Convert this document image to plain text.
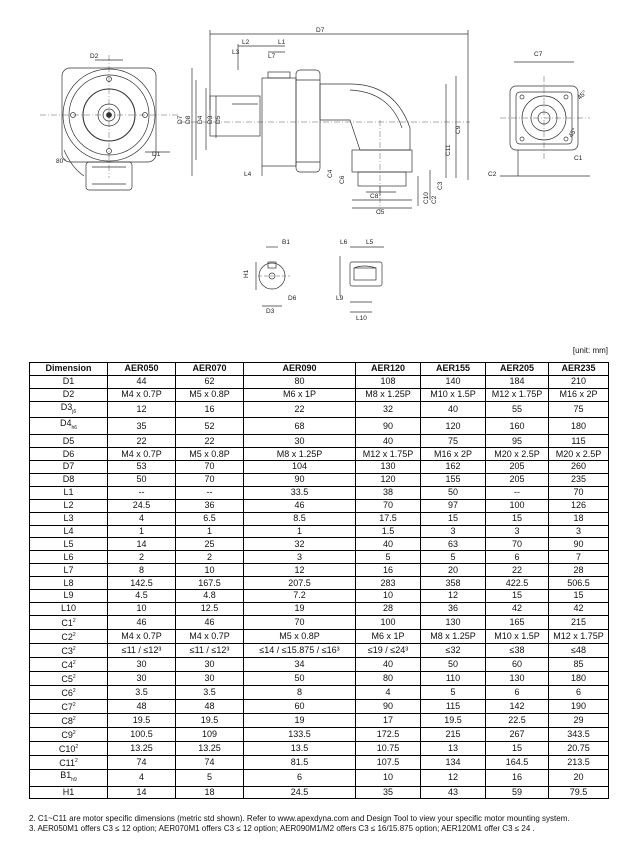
D2
D1
80°
D7
L2
L3
L7
L1
D7 D8 D4 D3 D5
L4
C9
C11
C4
C6
C8
C3
C10 C2
C5
C7
C1
C2
45°
45°
B1
H1
D6
D3
L6	L5
L9
L10
[unit: mm]
Dimension	AER050	AER070	AER090	AER120	AER155	AER205	AER235
D1	44	62	80	108	140	184	210
D2	M4 x 0.7P	M5 x 0.8P	M6 x 1P	M8 x 1.25P	M10 x 1.5P	M12 x 1.75P	M16 x 2P
$D3_{j6}$	12	16	22	32	40	55	75
$D4_{h6}$	35	52	68	90	120	160	180
D5	22	22	30	40	75	95	115
D6	M4 x 0.7P	M5 x 0.8P	M8 x 1.25P	M12 x 1.75P	M16 x 2P	M20 x 2.5P	M20 x 2.5P
D7	53	70	104	130	162	205	260
D8	50	70	90	120	155	205	235
L1	--	--	33.5	38	50	--	70
L2	24.5	36	46	70	97	100	126
L3	4	6.5	8.5	17.5	15	15	18
L4	1	1	1	1.5	3	3	3
L5	14	25	32	40	63	70	90
L6	2	2	3	5	5	6	7
L7	8	10	12	16	20	22	28
L8	142.5	167.5	207.5	283	358	422.5	506.5
L9	4.5	4.8	7.2	10	12	15	15
L10	10	12.5	19	28	36	42	42
$C1^2$	46	46	70	100	130	165	215
$C2^2$	M4 x 0.7P	M4 x 0.7P	M5 x 0.8P	M6 x 1P	M8 x 1.25P	M10 x 1.5P	M12 x 1.75P
$C3^2$	≤11 / ≤12³	≤11 / ≤12³	≤14 / ≤15.875 / ≤16³	≤19 / ≤24³	≤32	≤38	≤48
$C4^2$	30	30	34	40	50	60	85
$C5^2$	30	30	50	80	110	130	180
$C6^2$	3.5	3.5	8	4	5	6	6
$C7^2$	48	48	60	90	115	142	190
$C8^2$	19.5	19.5	19	17	19.5	22.5	29
$C9^2$	100.5	109	133.5	172.5	215	267	343.5
$C10^2$	13.25	13.25	13.5	10.75	13	15	20.75
$C11^2$	74	74	81.5	107.5	134	164.5	213.5
$B1_{h9}$	4	5	6	10	12	16	20
H1	14	18	24.5	35	43	59	79.5
2. C1~C11 are motor specific dimensions (metric std shown). Refer to www.apexdyna.com and Design Tool to view your specific motor mounting system.
3. AER050M1 offers C3 ≤ 12 option; AER070M1 offers C3 ≤ 12 option; AER090M1/M2 offers C3 ≤ 16/15.875 option; AER120M1 offer C3 ≤ 24 .
